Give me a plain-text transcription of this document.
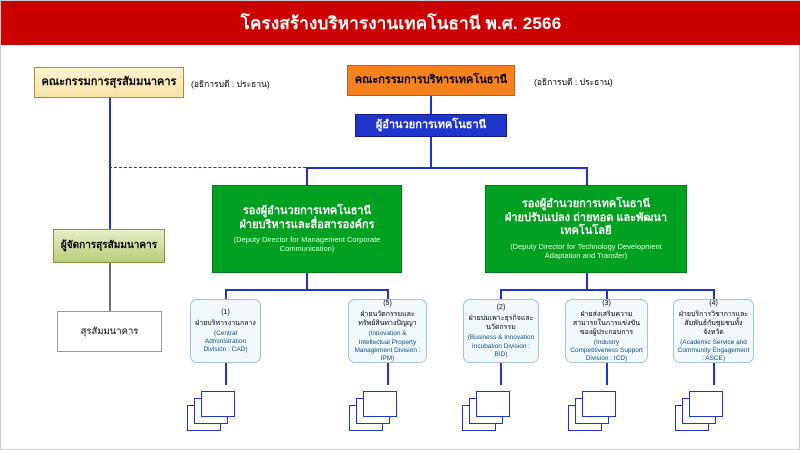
โครงสร้างบริหารงานเทคโนธานี พ.ศ. 2566
คณะกรรมการสุรสัมมนาคาร (อธิการบดี : ประธาน)	คณะกรรมการบริหารเทคโนธานี	(อธิการบดี : ประธาน)
ผู้อำนวยการเทคโนธานี
รองผู้อำนวยการเทคโนธานี
ฝ่ายบริหารและสื่อสารองค์กร
(Deputy Director for Management Corporate Communication)
รองผู้อำนวยการเทคโนธานี
ฝ่ายปรับแปลง ถ่ายทอด และพัฒนาเทคโนโลยี
(Deputy Director for Technology Development Adaptation and Transfer)
ผู้จัดการสุรสัมมนาคาร
สุรสัมมนาคาร
(1)
ฝ่ายบริหารงานกลาง
(Central Administration Division : CAD)
(5)
ฝ่ายนวัตกรรมและทรัพย์สินทางปัญญา
(Innovation & Intellectual Property Management Division : IPM)
(2)
ฝ่ายบ่มเพาะธุรกิจและนวัตกรรม
(Business & Innovation Incubation Division : BID)
(3)
ฝ่ายส่งเสริมความสามารถในการแข่งขันของผู้ประกอบการ
(Industry Competitiveness Support Division : ICD)
(4)
ฝ่ายบริการวิชาการและสัมพันธ์กับชุมชนทั้งจังหวัด
(Academic Service and Community Engagement : ASCE)
